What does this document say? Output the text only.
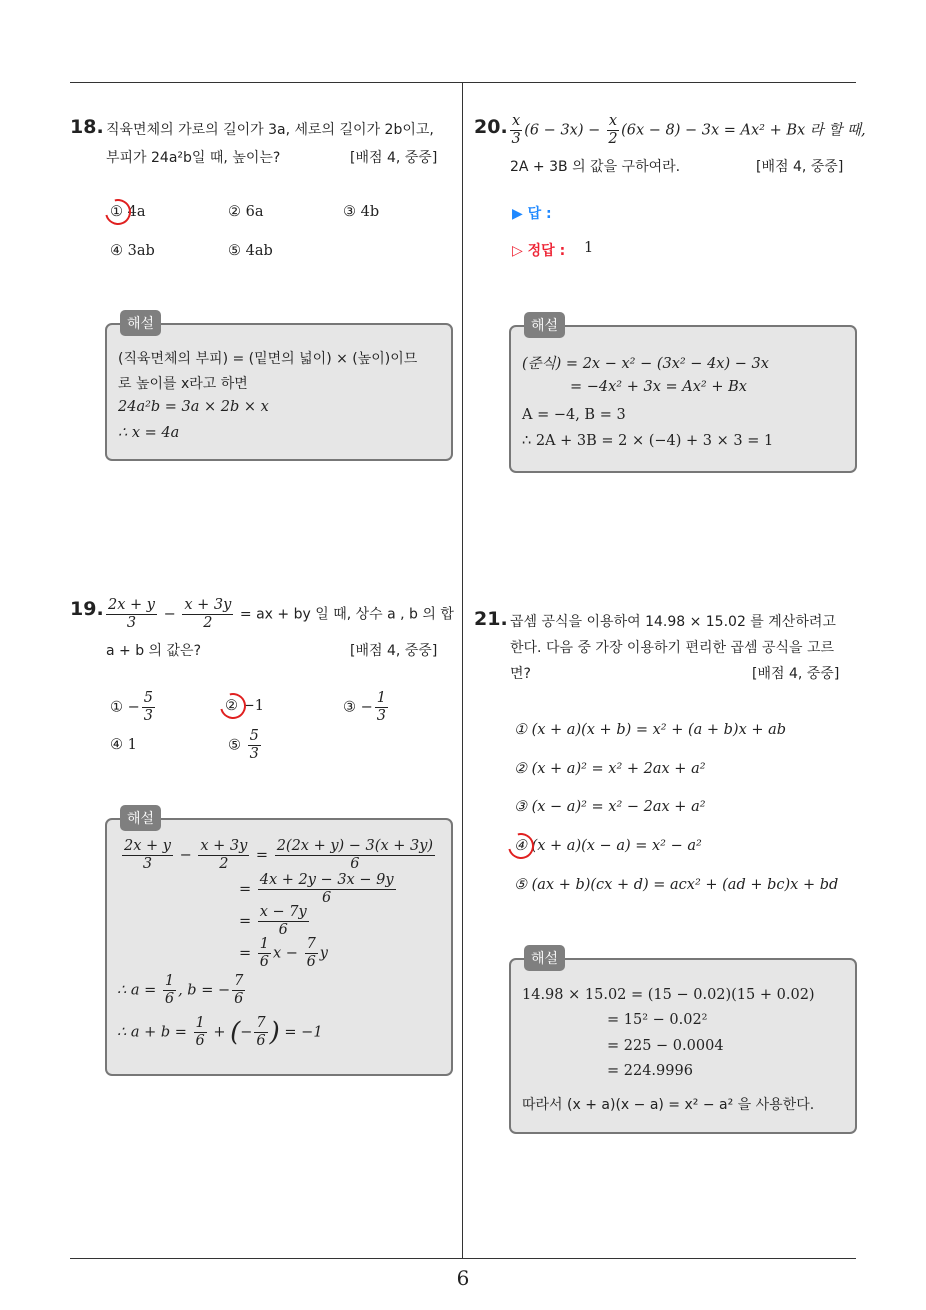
18. 직육면체의 가로의 길이가 3a, 세로의 길이가 2b이고,
부피가 24a²b일 때, 높이는?	[배점 4, 중중]
① 4a	② 6a	③ 4b
④ 3ab	⑤ 4ab
해설
(직육면체의 부피) = (밑면의 넓이) × (높이)이므
로 높이를 x라고 하면
24a²b = 3a × 2b × x
∴ x = 4a
19. $\frac{2x + y}{3} - \frac{x + 3y}{2}$ = ax + by 일 때, 상수 a , b 의 합
a + b 의 값은?	[배점 4, 중중]
① − $\frac{5}{3}$	② −1	③ − $\frac{1}{3}$
④ 1	⑤ $\frac{5}{3}$
해설
$\frac{2x + y}{3} - \frac{x + 3y}{2} = \frac{2(2x + y) - 3(x + 3y)}{6}$
= $\frac{4x + 2y - 3x - 9y}{6}$
= $\frac{x - 7y}{6}$
= $\frac{1}{6}$ $x - \frac{7}{6}$ y
∴ $a = \frac{1}{6}$ , b = − $\frac{7}{6}$
∴ $a + b = \frac{1}{6}$ + (− $\frac{7}{6}$ ) = −1
20. $\frac{x}{3} (6 - 3x) - \frac{x}{2} (6x - 8) - 3x = Ax^2 + Bx$ 라 할 때,
2A + 3B 의 값을 구하여라.	[배점 4, 중중]
▶ 답 :
▷ 정답 : 1
해설
(준식) = 2x − x² − (3x² − 4x) − 3x
= −4x² + 3x = Ax² + Bx
A = −4, B = 3
∴ 2A + 3B = 2 × (−4) + 3 × 3 = 1
21. 곱셈 공식을 이용하여 14.98 × 15.02 를 계산하려고
한다. 다음 중 가장 이용하기 편리한 곱셈 공식을 고르
면?	[배점 4, 중중]
① (x + a)(x + b) = x² + (a + b)x + ab
② (x + a)² = x² + 2ax + a²
③ (x − a)² = x² − 2ax + a²
④ (x + a)(x − a) = x² − a²
⑤ (ax + b)(cx + d) = acx² + (ad + bc)x + bd
해설
14.98 × 15.02 = (15 − 0.02)(15 + 0.02)
= 15² − 0.02²
= 225 − 0.0004
= 224.9996
따라서 (x + a)(x − a) = x² − a² 을 사용한다.
6
